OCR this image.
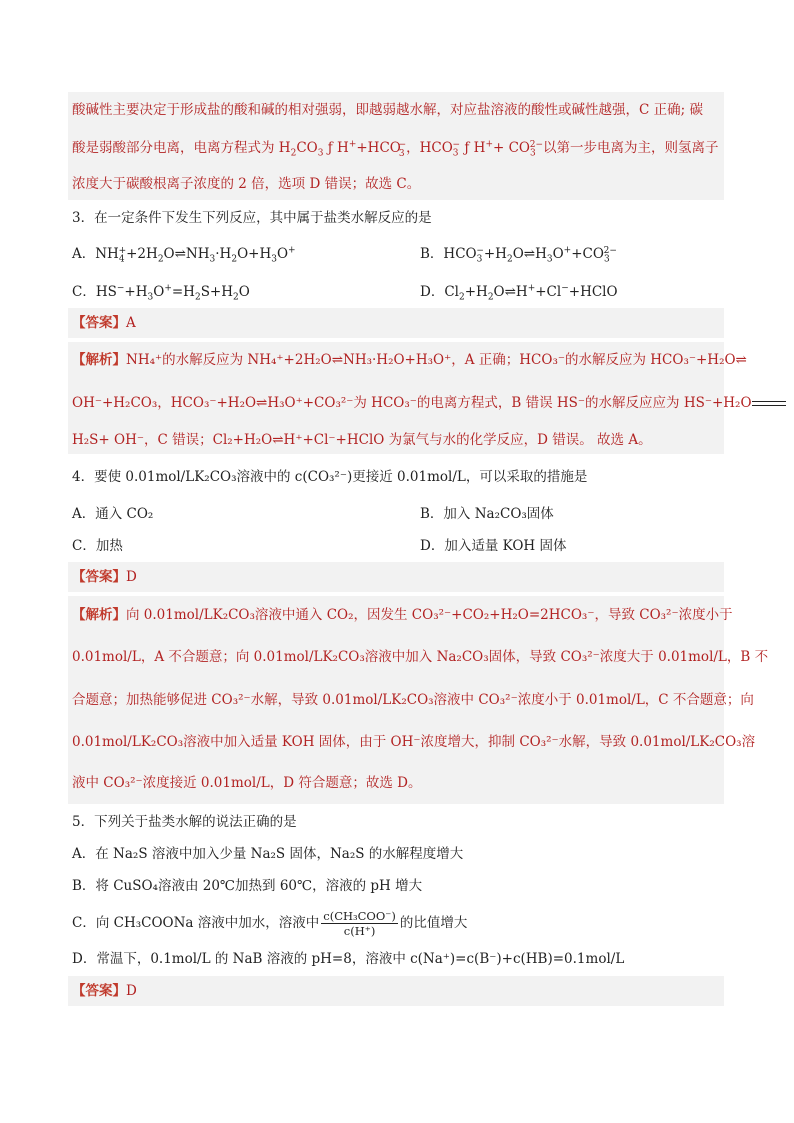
酸碱性主要决定于形成盐的酸和碱的相对强弱，即越弱越水解，对应盐溶液的酸性或碱性越强，C 正确; 碳
酸是弱酸部分电离，电离方程式为 $H_2CO_3$ ƒ $H^++HCO_3^-$，$HCO_3^-$ ƒ $H^++ CO_3^{2-}$以第一步电离为主，则氢离子
浓度大于碳酸根离子浓度的 2 倍，选项 D 错误；故选 C。
3．在一定条件下发生下列反应，其中属于盐类水解反应的是
A．$NH_4^++2H_2O\rightleftharpoons NH_3\cdot H_2O+H_3O^+$	B．$HCO_3^-+H_2O\rightleftharpoons H_3O^++CO_3^{2-}$
C．$HS^-+H_3O^+=H_2S+H_2O$	D．$Cl_2+H_2O\rightleftharpoons H^++Cl^-+HClO$
【答案】A
【解析】NH₄⁺的水解反应为 NH₄⁺+2H₂O⇌NH₃·H₂O+H₃O⁺，A 正确；HCO₃⁻的水解反应为 HCO₃⁻+H₂O⇌
OH⁻+H₂CO₃，HCO₃⁻+H₂O⇌H₃O⁺+CO₃²⁻为 HCO₃⁻的电离方程式，B 错误 HS⁻的水解反应应为 HS⁻+H₂O
H₂S+ OH⁻，C 错误；Cl₂+H₂O⇌H⁺+Cl⁻+HClO 为氯气与水的化学反应，D 错误。 故选 A。
4．要使 0.01mol/LK₂CO₃溶液中的 c(CO₃²⁻)更接近 0.01mol/L，可以采取的措施是
A．通入 CO₂	B．加入 Na₂CO₃固体
C．加热	D．加入适量 KOH 固体
【答案】D
【解析】向 0.01mol/LK₂CO₃溶液中通入 CO₂，因发生 CO₃²⁻+CO₂+H₂O=2HCO₃⁻，导致 CO₃²⁻浓度小于
0.01mol/L，A 不合题意；向 0.01mol/LK₂CO₃溶液中加入 Na₂CO₃固体，导致 CO₃²⁻浓度大于 0.01mol/L，B 不
合题意；加热能够促进 CO₃²⁻水解，导致 0.01mol/LK₂CO₃溶液中 CO₃²⁻浓度小于 0.01mol/L，C 不合题意；向
0.01mol/LK₂CO₃溶液中加入适量 KOH 固体，由于 OH⁻浓度增大，抑制 CO₃²⁻水解，导致 0.01mol/LK₂CO₃溶
液中 CO₃²⁻浓度接近 0.01mol/L，D 符合题意；故选 D。
5．下列关于盐类水解的说法正确的是
A．在 Na₂S 溶液中加入少量 Na₂S 固体，Na₂S 的水解程度增大
B．将 CuSO₄溶液由 20℃加热到 60℃，溶液的 pH 增大
C．向 CH₃COONa 溶液中加水，溶液中 $\frac{\text{c(CH₃COO⁻)}}{c(H^+)}$ 的比值增大
D．常温下，0.1mol/L 的 NaB 溶液的 pH=8，溶液中 c(Na⁺)=c(B⁻)+c(HB)=0.1mol/L
【答案】D
